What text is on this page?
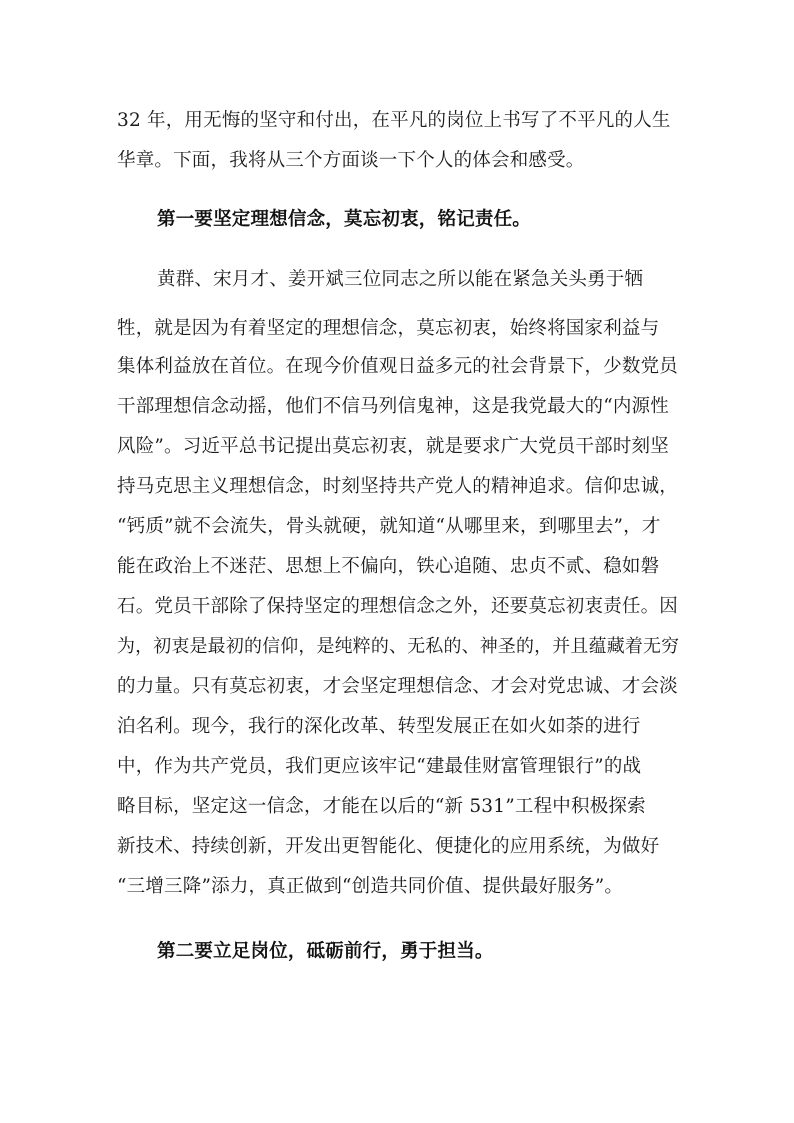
32 年，用无悔的坚守和付出，在平凡的岗位上书写了不平凡的人生
华章。下面，我将从三个方面谈一下个人的体会和感受。
第一要坚定理想信念，莫忘初衷，铭记责任。
黄群、宋月才、姜开斌三位同志之所以能在紧急关头勇于牺
牲，就是因为有着坚定的理想信念，莫忘初衷，始终将国家利益与
集体利益放在首位。在现今价值观日益多元的社会背景下，少数党员
干部理想信念动摇，他们不信马列信鬼神，这是我党最大的“内源性
风险”。习近平总书记提出莫忘初衷，就是要求广大党员干部时刻坚
持马克思主义理想信念，时刻坚持共产党人的精神追求。信仰忠诚，
“钙质”就不会流失，骨头就硬，就知道“从哪里来，到哪里去”，才
能在政治上不迷茫、思想上不偏向，铁心追随、忠贞不贰、稳如磐
石。党员干部除了保持坚定的理想信念之外，还要莫忘初衷责任。因
为，初衷是最初的信仰，是纯粹的、无私的、神圣的，并且蕴藏着无穷
的力量。只有莫忘初衷，才会坚定理想信念、才会对党忠诚、才会淡
泊名利。现今，我行的深化改革、转型发展正在如火如荼的进行
中，作为共产党员，我们更应该牢记“建最佳财富管理银行”的战
略目标，坚定这一信念，才能在以后的“新 531”工程中积极探索
新技术、持续创新，开发出更智能化、便捷化的应用系统，为做好
“三增三降”添力，真正做到“创造共同价值、提供最好服务”。
第二要立足岗位，砥砺前行，勇于担当。
